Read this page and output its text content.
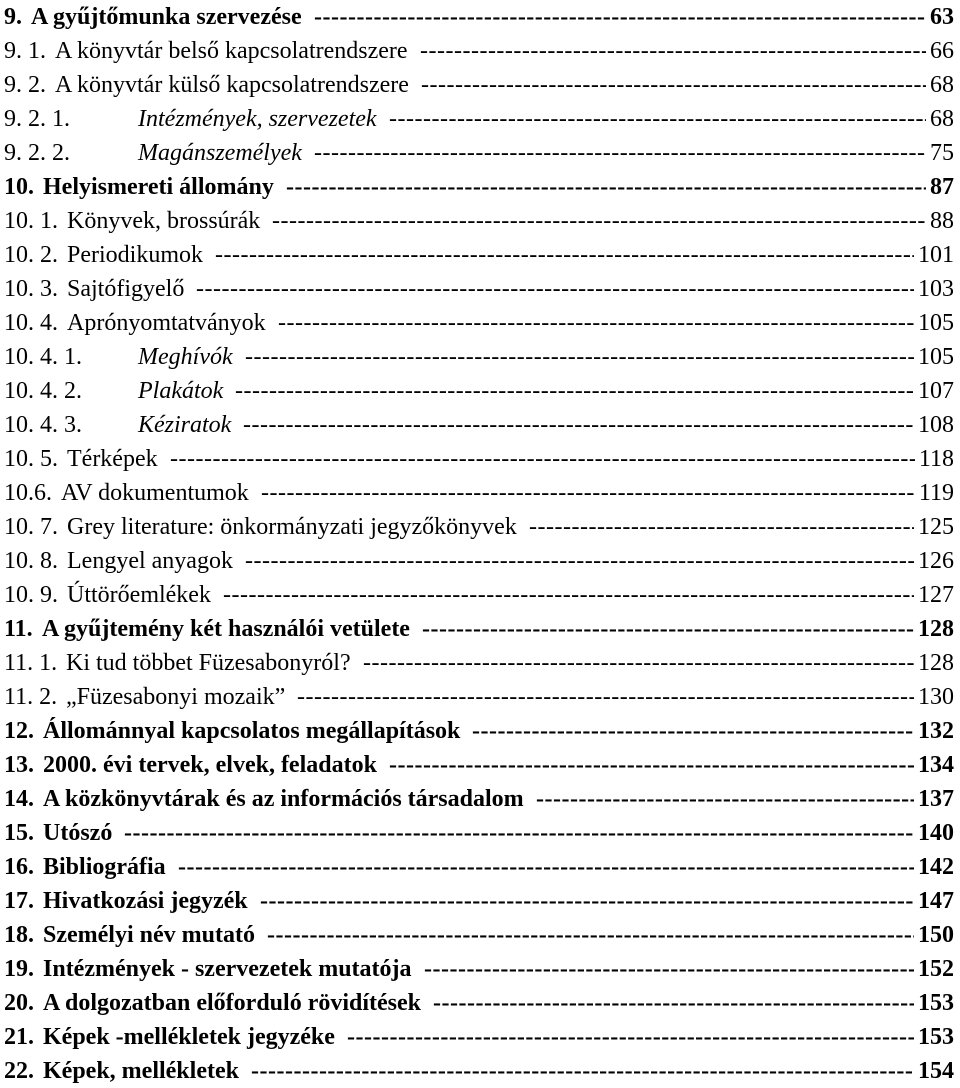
9. A gyűjtőmunka szervezése -----	63
9. 1. A könyvtár belső kapcsolatrendszere -----	66
9. 2. A könyvtár külső kapcsolatrendszere -----	68
9. 2. 1.	Intézmények, szervezetek -----	68
9. 2. 2.	Magánszemélyek -----	75
10. Helyismereti állomány -----	87
10. 1. Könyvek, brossúrák -----	88
10. 2. Periodikumok -----	101
10. 3. Sajtófigyelő -----	103
10. 4. Aprónyomtatványok -----	105
10. 4. 1. Meghívók -----	105
10. 4. 2. Plakátok -----	107
10. 4. 3. Kéziratok -----	108
10. 5. Térképek -----	118
10.6. AV dokumentumok -----	119
10. 7. Grey literature: önkormányzati jegyzőkönyvek -----	125
10. 8. Lengyel anyagok -----	126
10. 9. Úttörőemlékek -----	127
11. A gyűjtemény két használói vetülete -----	128
11. 1. Ki tud többet Füzesabonyról? -----	128
11. 2. „Füzesabonyi mozaik” -----	130
12. Állománnyal kapcsolatos megállapítások -----	132
13. 2000. évi tervek, elvek, feladatok -----	134
14. A közkönyvtárak és az információs társadalom -----	137
15. Utószó -----	140
16. Bibliográfia -----	142
17. Hivatkozási jegyzék -----	147
18. Személyi név mutató -----	150
19. Intézmények - szervezetek mutatója -----	152
20. A dolgozatban előforduló rövidítések -----	153
21. Képek -mellékletek jegyzéke -----	153
22. Képek, mellékletek -----	154
